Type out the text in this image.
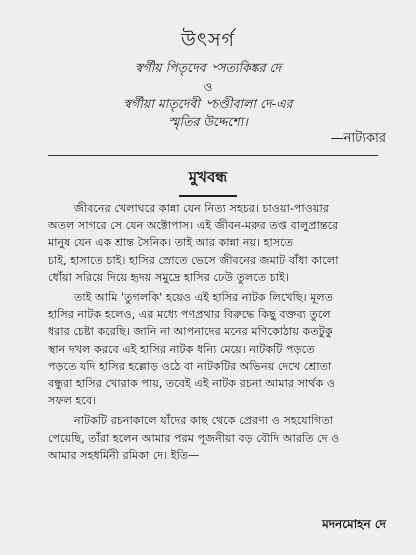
উৎসর্গ
স্বর্গীয় পিতৃদেব ৺সত্যকিঙ্কর দে
ও
স্বর্গীয়া মাতৃদেবী ৺চণ্ডীবালা দে-এর
স্মৃতির উদ্দেশ্যে।
—নাট্যকার
মুখবন্ধ
জীবনের খেলাঘরে কান্না যেন নিত্য সহচর। চাওয়া-পাওয়ার
অতল সাগরে সে যেন অক্টোপাস। এই জীবন-মরুর তপ্ত বালুপ্রান্তরে
মানুষ যেন এক শ্রান্ত সৈনিক। তাই আর কান্না নয়। হাসতে
চাই, হাসাতে চাই। হাসির স্রোতে ভেসে জীবনের জমাট বাঁধা কালো
ধোঁয়া সরিয়ে দিয়ে হৃদয় সমুদ্রে হাসির ঢেউ তুলতে চাই।
তাই আমি 'তুগলকি' হয়েও এই হাসির নাটক লিখেছি। মূলত
হাসির নাটক হলেও, এর মধ্যে পণপ্রথার বিরুদ্ধে কিছু বক্তব্য তুলে
ধরার চেষ্টা করেছি। জানি না আপনাদের মনের মণিকোঠায় কতটুকু
স্থান দখল করবে এই হাসির নাটক ধন্যি মেয়ে। নাটকটি পড়তে
পড়তে যদি হাসির হল্লোড় ওঠে বা নাটকটির অভিনয় দেখে শ্রোতা
বন্ধুরা হাসির খোরাক পায়, তবেই এই নাটক রচনা আমার সার্থক ও
সফল হবে।
নাটকটি রচনাকালে যাঁদের কাছ থেকে প্রেরণা ও সহযোগিতা
পেয়েছি, তাঁরা হলেন আমার পরম পূজনীয়া বড় বৌদি আরতি দে ও
আমার সহধর্মিনী রমিকা দে। ইতি—
মদনমোহন দে
